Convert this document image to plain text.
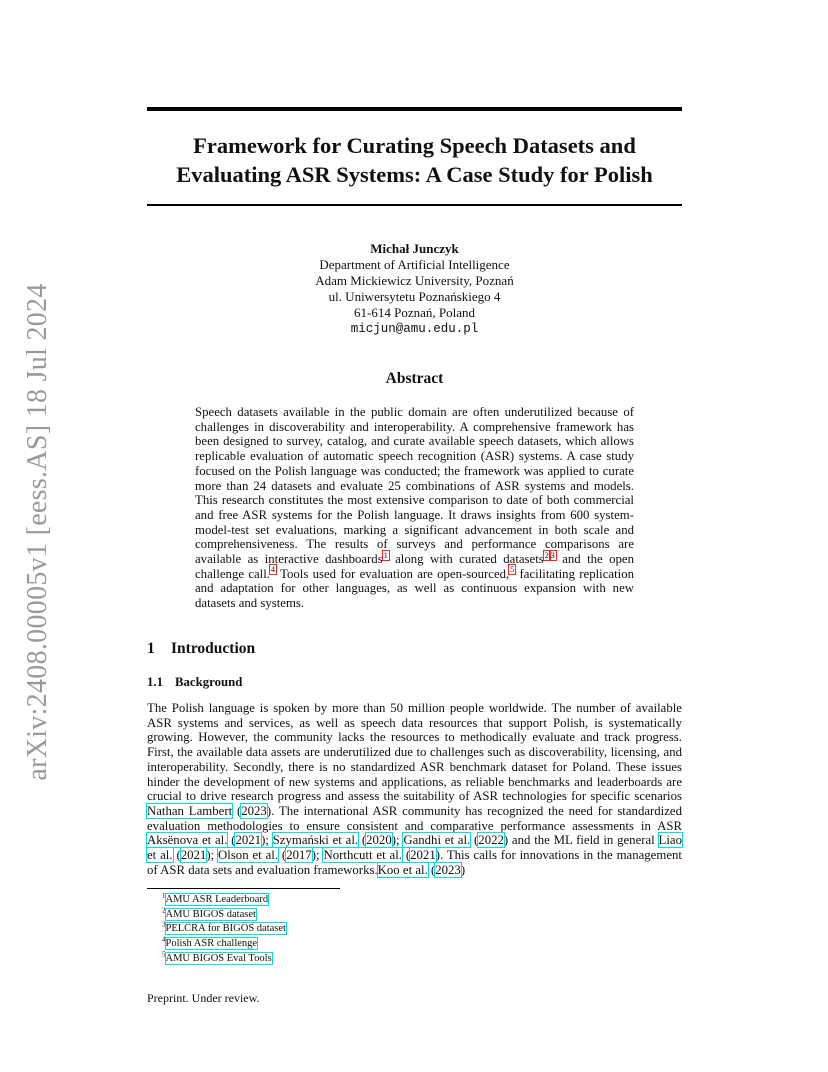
arXiv:2408.00005v1 [eess.AS] 18 Jul 2024
Framework for Curating Speech Datasets and
Evaluating ASR Systems: A Case Study for Polish
Michał Junczyk
Department of Artificial Intelligence
Adam Mickiewicz University, Poznań
ul. Uniwersytetu Poznańskiego 4
61-614 Poznań, Poland
micjun@amu.edu.pl
Abstract
Speech datasets available in the public domain are often underutilized because of challenges in discoverability and interoperability. A comprehensive framework has been designed to survey, catalog, and curate available speech datasets, which allows replicable evaluation of automatic speech recognition (ASR) systems. A case study focused on the Polish language was conducted; the framework was applied to curate more than 24 datasets and evaluate 25 combinations of ASR systems and models. This research constitutes the most extensive comparison to date of both commercial and free ASR systems for the Polish language. It draws insights from 600 system-model-test set evaluations, marking a significant advancement in both scale and comprehensiveness. The results of surveys and performance comparisons are available as interactive dashboards$^1$ along with curated datasets$^2$ $^3$ and the open challenge call.$^4$ Tools used for evaluation are open-sourced,$^5$ facilitating replication and adaptation for other languages, as well as continuous expansion with new datasets and systems.
1 Introduction
1.1 Background
The Polish language is spoken by more than 50 million people worldwide. The number of available ASR systems and services, as well as speech data resources that support Polish, is systematically growing. However, the community lacks the resources to methodically evaluate and track progress. First, the available data assets are underutilized due to challenges such as discoverability, licensing, and interoperability. Secondly, there is no standardized ASR benchmark dataset for Poland. These issues hinder the development of new systems and applications, as reliable benchmarks and leaderboards are crucial to drive research progress and assess the suitability of ASR technologies for specific scenarios Nathan Lambert (2023). The international ASR community has recognized the need for standardized evaluation methodologies to ensure consistent and comparative performance assessments in ASR Aksënova et al. (2021); Szymański et al. (2020); Gandhi et al. (2022) and the ML field in general Liao et al. (2021); Olson et al. (2017); Northcutt et al. (2021). This calls for innovations in the management of ASR data sets and evaluation frameworks.Koo et al. (2023)
$^1$AMU ASR Leaderboard
$^2$AMU BIGOS dataset
$^3$PELCRA for BIGOS dataset
$^4$Polish ASR challenge
$^5$AMU BIGOS Eval Tools
Preprint. Under review.
